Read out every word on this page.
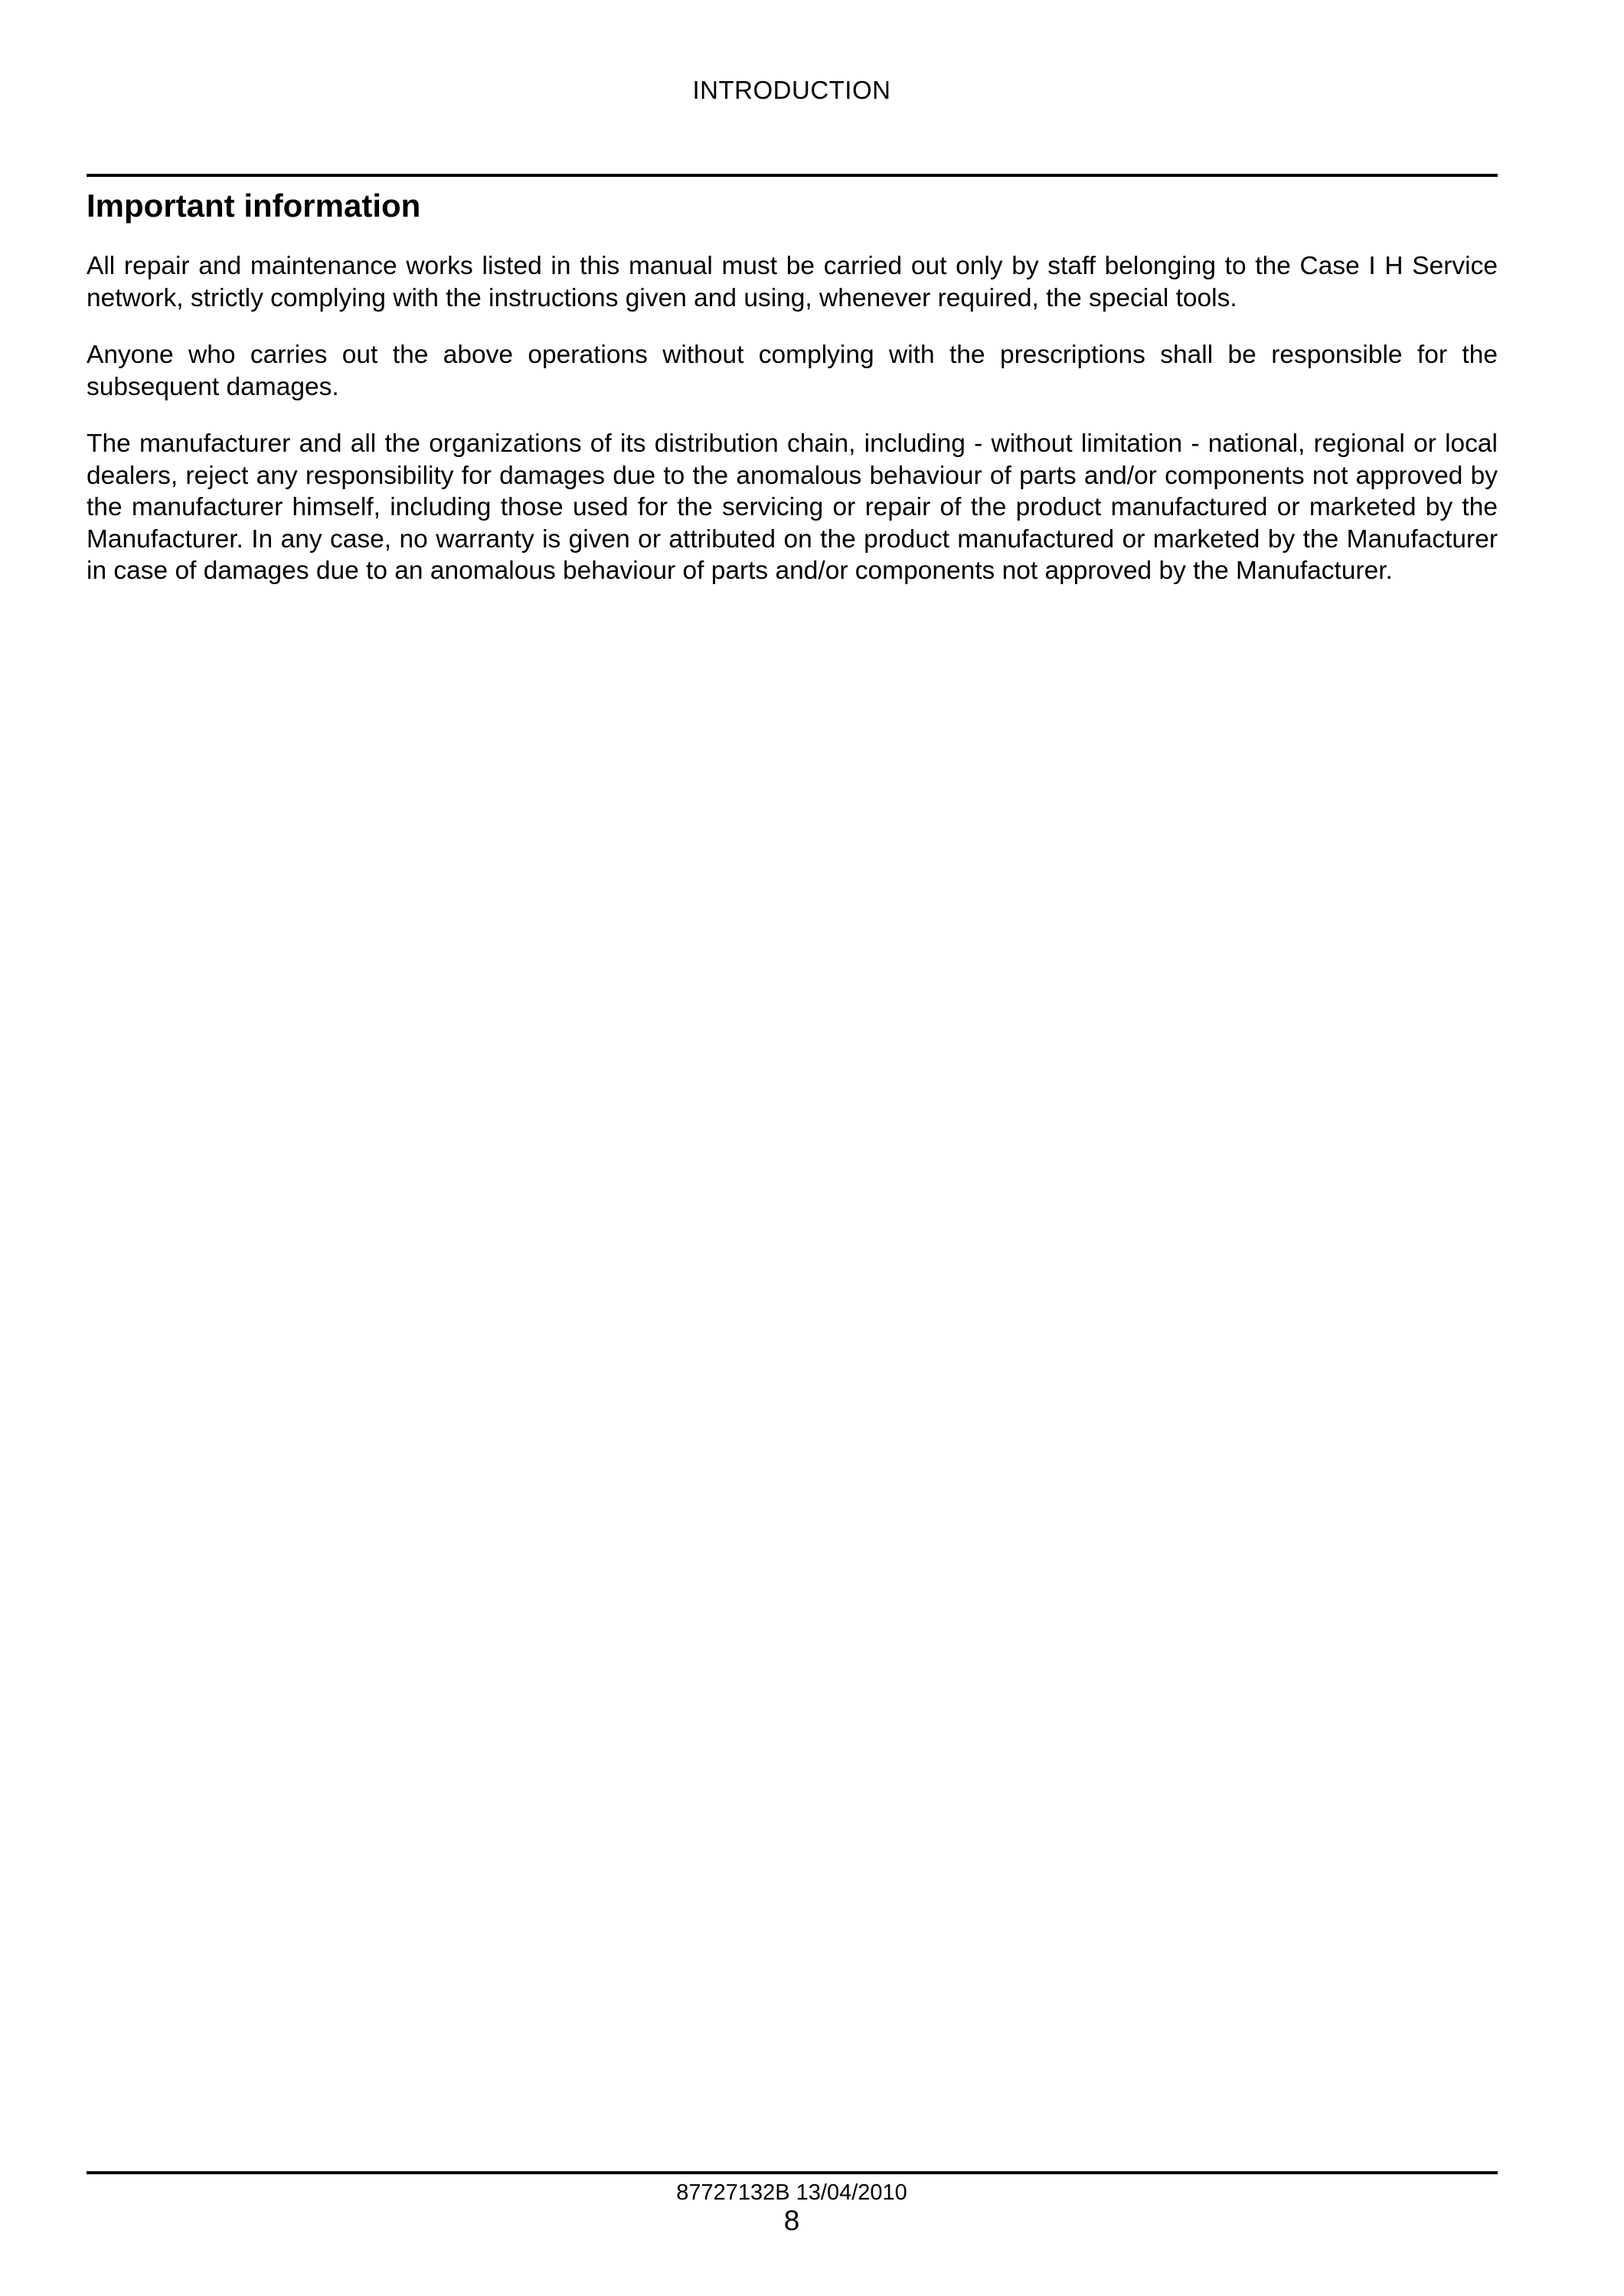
INTRODUCTION
Important information

All repair and maintenance works listed in this manual must be carried out only by staff belonging to the Case I H Service network, strictly complying with the instructions given and using, whenever required, the special tools.

Anyone who carries out the above operations without complying with the prescriptions shall be responsible for the subsequent damages.

The manufacturer and all the organizations of its distribution chain, including - without limitation - national, regional or local dealers, reject any responsibility for damages due to the anomalous behaviour of parts and/or components not approved by the manufacturer himself, including those used for the servicing or repair of the product manufactured or marketed by the Manufacturer. In any case, no warranty is given or attributed on the product manufactured or marketed by the Manufacturer in case of damages due to an anomalous behaviour of parts and/or components not approved by the Manufacturer.

87727132B 13/04/2010
8
